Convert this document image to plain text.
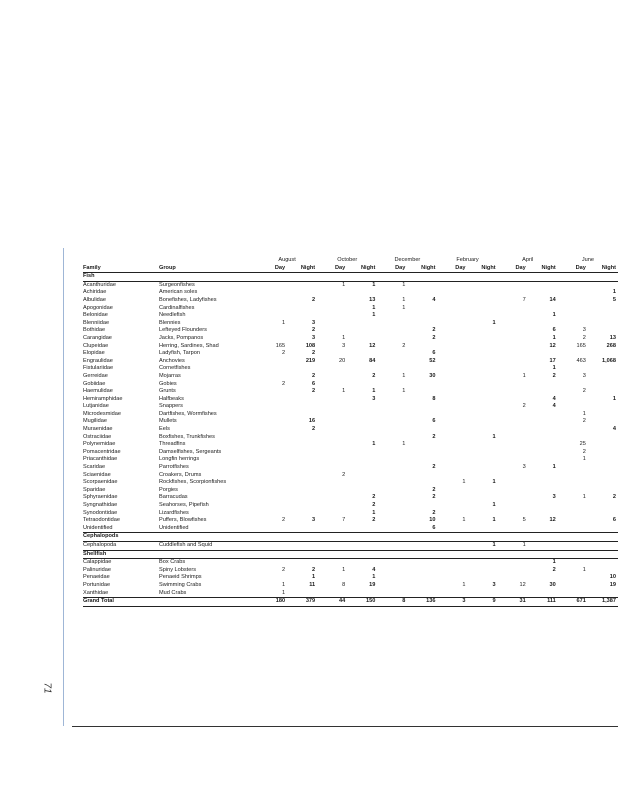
71
		August		October		December		February		April		June	
Family	Group	Day	Night	Day	Night	Day	Night	Day	Night	Day	Night	Day	Night
Fish													
Acanthuridae	Surgeonfishes			1	1	1							
Achiridae	American soles												1
Albulidae	Bonefishes, Ladyfishes		2		13	1	4			7	14		5
Apogonidae	Cardinalfishes				1	1							
Belonidae	Needlefish				1						1		
Blenniidae	Blennies	1	3						1				
Bothidae	Lefteyed Flounders		2				2				6	3	
Carangidae	Jacks, Pompanos		3	1			2				1	2	13
Clupeidae	Herring, Sardines, Shad	165	108	3	12	2					12	165	268
Elopidae	Ladyfish, Tarpon	2	2				6						
Engraulidae	Anchovies		219	20	84		52				17	463	1,068
Fistulariidae	Cornetfishes										1		
Gerreidae	Mojarras		2		2	1	30			1	2	3	
Gobiidae	Gobies	2	6										
Haemulidae	Grunts		2	1	1	1						2	
Hemiramphidae	Halfbeaks				3		8				4		1
Lutjanidae	Snappers									2	4		
Microdesmidae	Dartfishes, Wormfishes											1	
Mugilidae	Mullets		16				6					2	
Muraenidae	Eels		2										4
Ostraciidae	Boxfishes, Trunkfishes						2		1				
Polynemidae	Threadfins				1	1						25	
Pomacentridae	Damselfishes, Sergeants											2	
Priacanthidae	Longfin herrings											1	
Scaridae	Parrotfishes						2			3	1		
Sciaenidae	Croakers, Drums			2									
Scorpaenidae	Rockfishes, Scorpionfishes							1	1				
Sparidae	Porgies						2						
Sphyraenidae	Barracudas				2		2				3	1	2
Syngnathidae	Seahorses, Pipefish				2				1				
Synodontidae	Lizardfishes				1		2						
Tetraodontidae	Puffers, Blowfishes	2	3	7	2		10	1	1	5	12		6
Unidentified	Unidentified						6						
Cephalopods													
Cephalopoda	Cuddlefish and Squid								1	1			
Shellfish													
Calappidae	Box Crabs										1		
Palinuridae	Spiny Lobsters	2	2	1	4						2	1	
Penaeidae	Penaeid Shrimps		1		1								10
Portunidae	Swimming Crabs	1	11	8	19			1	3	12	30		19
Xanthidae	Mud Crabs	1											
Grand Total		180	379	44	150	8	136	3	9	31	111	671	1,387
